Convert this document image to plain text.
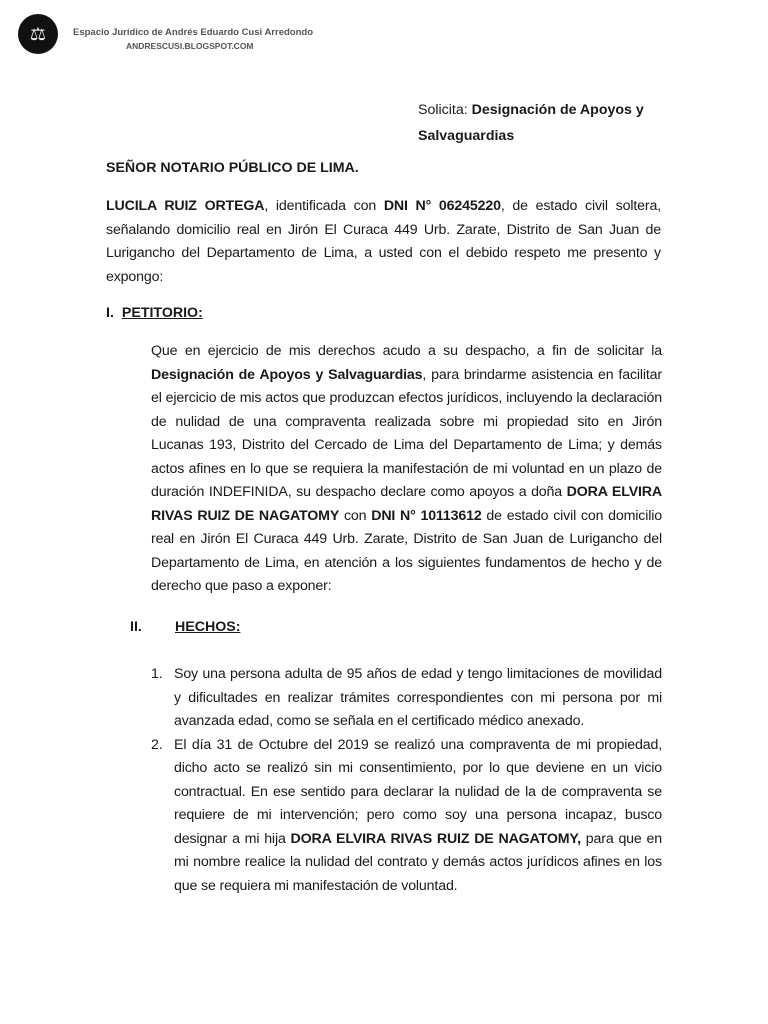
⚖	Espacio Jurídico de Andrés Eduardo Cusi Arredondo
ANDRESCUSI.BLOGSPOT.COM
Solicita: Designación de Apoyos y Salvaguardias
SEÑOR NOTARIO PÚBLICO DE LIMA.
LUCILA RUIZ ORTEGA, identificada con DNI N° 06245220, de estado civil soltera, señalando domicilio real en Jirón El Curaca 449 Urb. Zarate, Distrito de San Juan de Lurigancho del Departamento de Lima, a usted con el debido respeto me presento y expongo:
I. PETITORIO:
Que en ejercicio de mis derechos acudo a su despacho, a fin de solicitar la Designación de Apoyos y Salvaguardias, para brindarme asistencia en facilitar el ejercicio de mis actos que produzcan efectos jurídicos, incluyendo la declaración de nulidad de una compraventa realizada sobre mi propiedad sito en Jirón Lucanas 193, Distrito del Cercado de Lima del Departamento de Lima; y demás actos afines en lo que se requiera la manifestación de mi voluntad en un plazo de duración INDEFINIDA, su despacho declare como apoyos a doña DORA ELVIRA RIVAS RUIZ DE NAGATOMY con DNI N° 10113612 de estado civil con domicilio real en Jirón El Curaca 449 Urb. Zarate, Distrito de San Juan de Lurigancho del Departamento de Lima, en atención a los siguientes fundamentos de hecho y de derecho que paso a exponer:
II. HECHOS:
1. Soy una persona adulta de 95 años de edad y tengo limitaciones de movilidad y dificultades en realizar trámites correspondientes con mi persona por mi avanzada edad, como se señala en el certificado médico anexado.
2. El día 31 de Octubre del 2019 se realizó una compraventa de mi propiedad, dicho acto se realizó sin mi consentimiento, por lo que deviene en un vicio contractual. En ese sentido para declarar la nulidad de la de compraventa se requiere de mi intervención; pero como soy una persona incapaz, busco designar a mi hija DORA ELVIRA RIVAS RUIZ DE NAGATOMY, para que en mi nombre realice la nulidad del contrato y demás actos jurídicos afines en los que se requiera mi manifestación de voluntad.
